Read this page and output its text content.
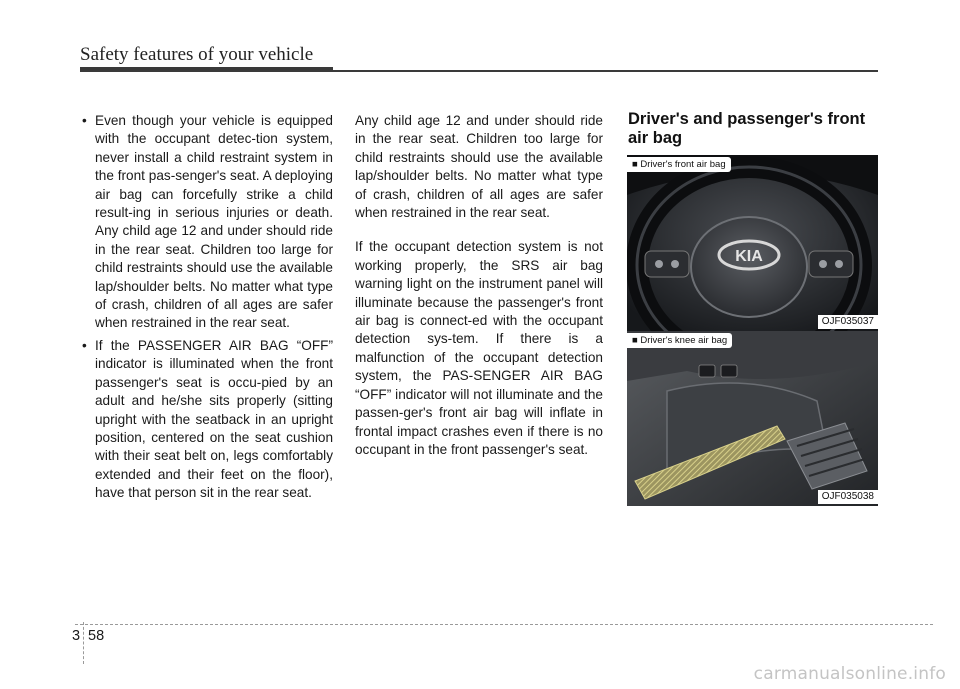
Safety features of your vehicle
• Even though your vehicle is equipped with the occupant detec-tion system, never install a child restraint system in the front pas-senger's seat. A deploying air bag can forcefully strike a child result-ing in serious injuries or death. Any child age 12 and under should ride in the rear seat. Children too large for child restraints should use the available lap/shoulder belts. No matter what type of crash, children of all ages are safer when restrained in the rear seat.
• If the PASSENGER AIR BAG “OFF” indicator is illuminated when the front passenger's seat is occu-pied by an adult and he/she sits properly (sitting upright with the seatback in an upright position, centered on the seat cushion with their seat belt on, legs comfortably extended and their feet on the floor), have that person sit in the rear seat.

Any child age 12 and under should ride in the rear seat. Children too large for child restraints should use the available lap/shoulder belts. No matter what type of crash, children of all ages are safer when restrained in the rear seat.

If the occupant detection system is not working properly, the SRS air bag warning light on the instrument panel will illuminate because the passenger's front air bag is connect-ed with the occupant detection sys-tem. If there is a malfunction of the occupant detection system, the PAS-SENGER AIR BAG “OFF” indicator will not illuminate and the passen-ger's front air bag will inflate in frontal impact crashes even if there is no occupant in the front passenger's seat.

Driver's and passenger's front air bag
KIA
■ Driver's front air bag
OJF035037
■ Driver's knee air bag
OJF035038
3 58
carmanualsonline.info
